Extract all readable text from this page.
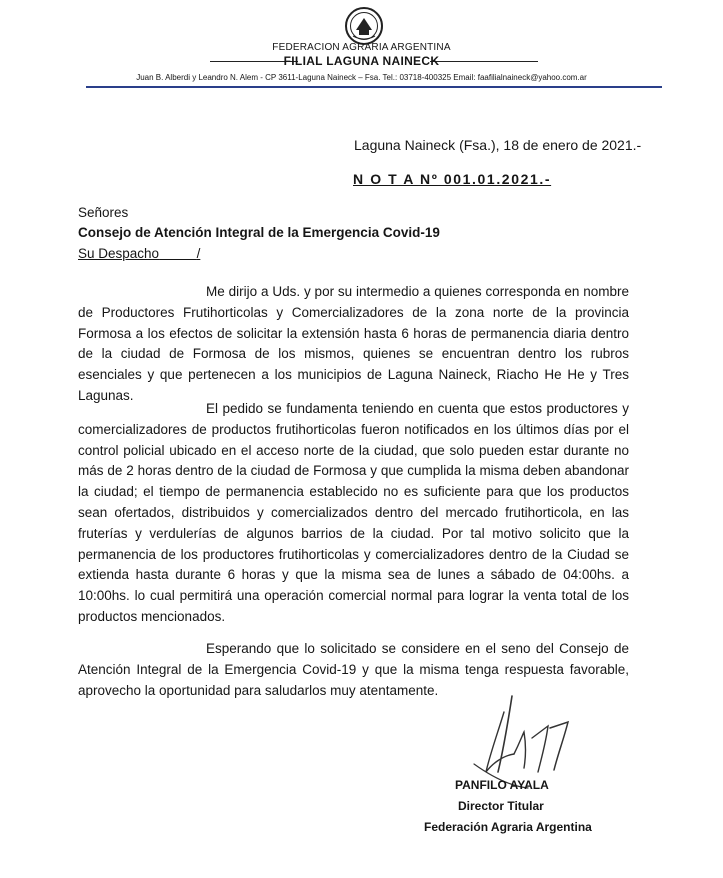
FEDERACION AGRARIA ARGENTINA
FILIAL LAGUNA NAINECK
Juan B. Alberdi y Leandro N. Alem - CP 3611-Laguna Naineck – Fsa. Tel.: 03718-400325 Email: faafilialnaineck@yahoo.com.ar
Laguna Naineck (Fsa.), 18 de enero de 2021.-
N O T A Nº 001.01.2021.-
Señores
Consejo de Atención Integral de la Emergencia Covid-19
Su Despacho	/
Me dirijo a Uds. y por su intermedio a quienes corresponda en nombre de Productores Frutihorticolas y Comercializadores de la zona norte de la provincia Formosa a los efectos de solicitar la extensión hasta 6 horas de permanencia diaria dentro de la ciudad de Formosa de los mismos, quienes se encuentran dentro los rubros esenciales y que pertenecen a los municipios de Laguna Naineck, Riacho He He y Tres Lagunas.
El pedido se fundamenta teniendo en cuenta que estos productores y comercializadores de productos frutihorticolas fueron notificados en los últimos días por el control policial ubicado en el acceso norte de la ciudad, que solo pueden estar durante no más de 2 horas dentro de la ciudad de Formosa y que cumplida la misma deben abandonar la ciudad; el tiempo de permanencia establecido no es suficiente para que los productos sean ofertados, distribuidos y comercializados dentro del mercado frutihorticola, en las fruterías y verdulerías de algunos barrios de la ciudad. Por tal motivo solicito que la permanencia de los productores frutihorticolas y comercializadores dentro de la Ciudad se extienda hasta durante 6 horas y que la misma sea de lunes a sábado de 04:00hs. a 10:00hs. lo cual permitirá una operación comercial normal para lograr la venta total de los productos mencionados.
Esperando que lo solicitado se considere en el seno del Consejo de Atención Integral de la Emergencia Covid-19 y que la misma tenga respuesta favorable, aprovecho la oportunidad para saludarlos muy atentamente.
PANFILO AYALA
Director Titular
Federación Agraria Argentina
